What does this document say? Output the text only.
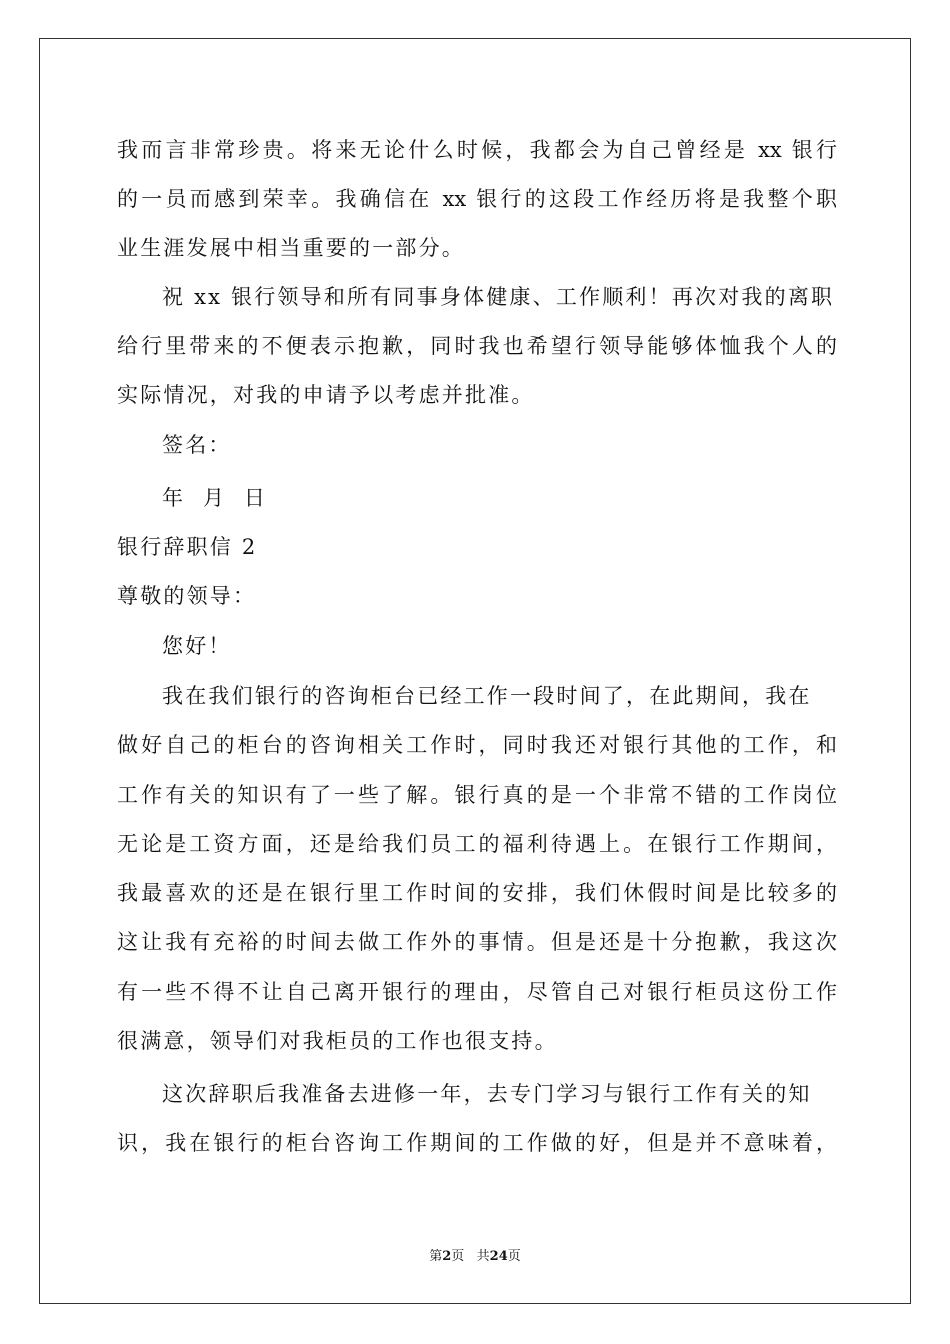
我而言非常珍贵。将来无论什么时候，我都会为自己曾经是 xx 银行
的一员而感到荣幸。我确信在 xx 银行的这段工作经历将是我整个职
业生涯发展中相当重要的一部分。
祝 xx 银行领导和所有同事身体健康、工作顺利！再次对我的离职
给行里带来的不便表示抱歉，同时我也希望行领导能够体恤我个人的
实际情况，对我的申请予以考虑并批准。
签名：
年  月  日
银行辞职信 2
尊敬的领导：
您好！
我在我们银行的咨询柜台已经工作一段时间了，在此期间，我在
做好自己的柜台的咨询相关工作时，同时我还对银行其他的工作，和
工作有关的知识有了一些了解。银行真的是一个非常不错的工作岗位
无论是工资方面，还是给我们员工的福利待遇上。在银行工作期间，
我最喜欢的还是在银行里工作时间的安排，我们休假时间是比较多的
这让我有充裕的时间去做工作外的事情。但是还是十分抱歉，我这次
有一些不得不让自己离开银行的理由，尽管自己对银行柜员这份工作
很满意，领导们对我柜员的工作也很支持。
这次辞职后我准备去进修一年，去专门学习与银行工作有关的知
识，我在银行的柜台咨询工作期间的工作做的好，但是并不意味着，
第2页   共24页
